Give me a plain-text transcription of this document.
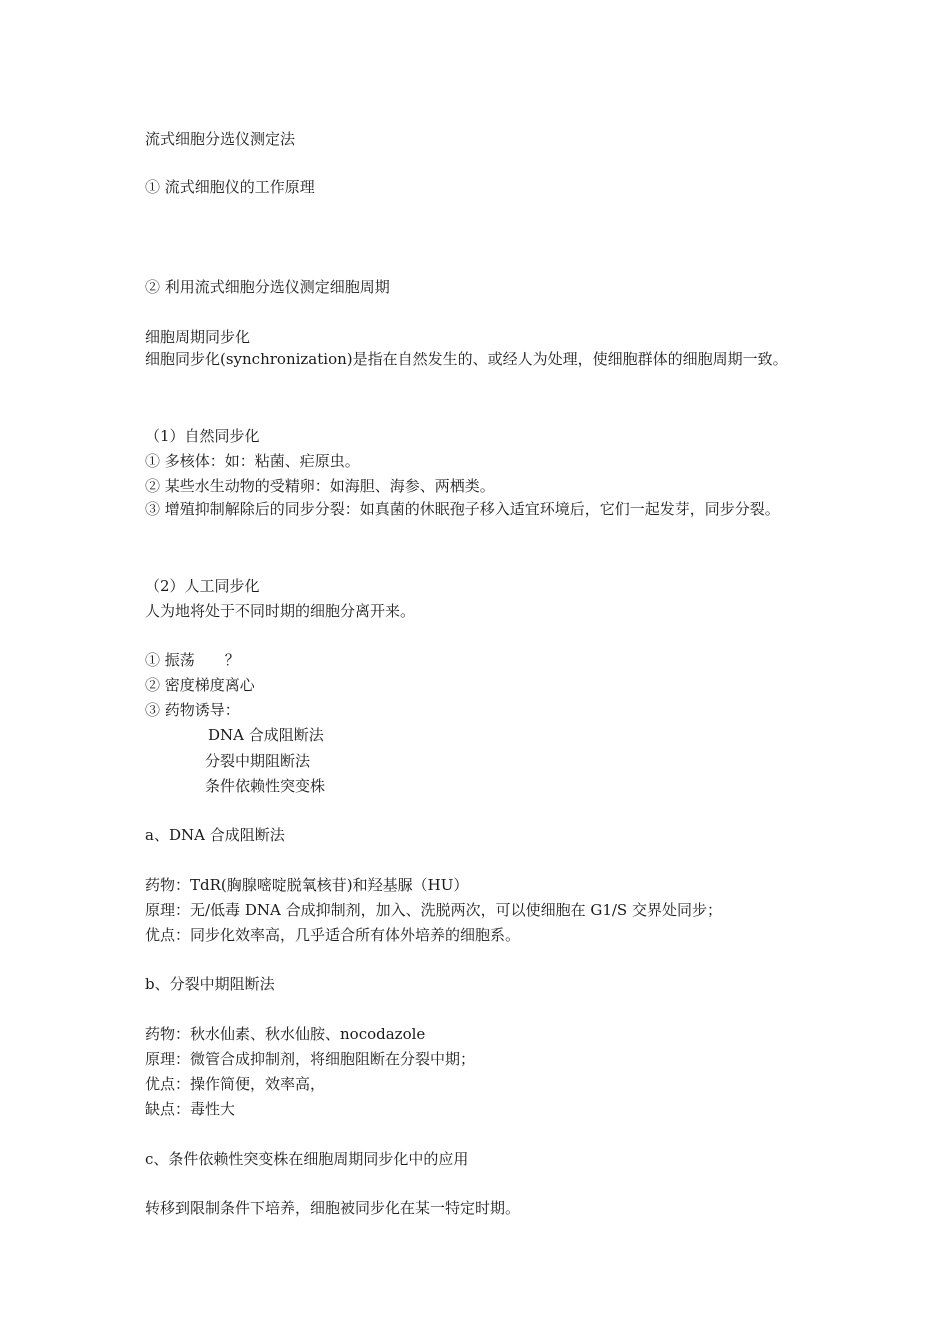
流式细胞分选仪测定法
① 流式细胞仪的工作原理
② 利用流式细胞分选仪测定细胞周期
细胞周期同步化
细胞同步化(synchronization)是指在自然发生的、或经人为处理，使细胞群体的细胞周期一致。
（1）自然同步化
① 多核体：如：粘菌、疟原虫。
② 某些水生动物的受精卵：如海胆、海参、两栖类。
③ 增殖抑制解除后的同步分裂：如真菌的休眠孢子移入适宜环境后，它们一起发芽，同步分裂。
（2）人工同步化
人为地将处于不同时期的细胞分离开来。
① 振荡　　？
② 密度梯度离心
③ 药物诱导：
DNA 合成阻断法
分裂中期阻断法
条件依赖性突变株
a、DNA 合成阻断法
药物：TdR(胸腺嘧啶脱氧核苷)和羟基脲（HU）
原理：无/低毒 DNA 合成抑制剂，加入、洗脱两次，可以使细胞在 G1/S 交界处同步；
优点：同步化效率高，几乎适合所有体外培养的细胞系。
b、分裂中期阻断法
药物：秋水仙素、秋水仙胺、nocodazole
原理：微管合成抑制剂，将细胞阻断在分裂中期；
优点：操作简便，效率高，
缺点：毒性大
c、条件依赖性突变株在细胞周期同步化中的应用
转移到限制条件下培养，细胞被同步化在某一特定时期。
